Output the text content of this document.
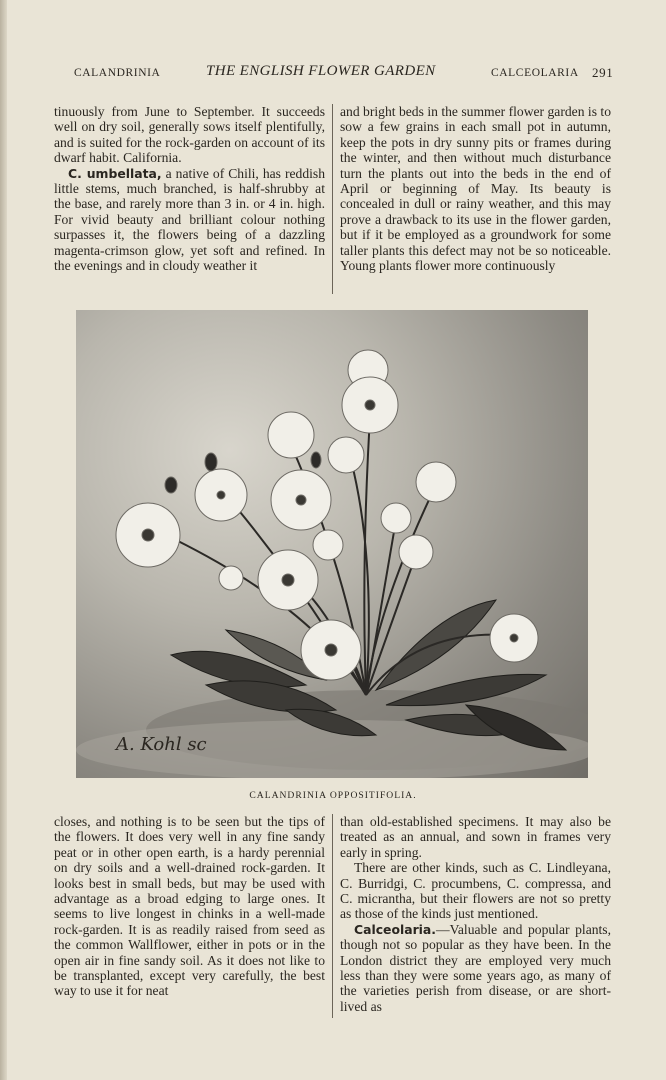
CALANDRINIA	THE ENGLISH FLOWER GARDEN	CALCEOLARIA 291

tinuously from June to September. It succeeds well on dry soil, generally sows itself plentifully, and is suited for the rock-garden on account of its dwarf habit. California.

C. umbellata, a native of Chili, has reddish little stems, much branched, is half-shrubby at the base, and rarely more than 3 in. or 4 in. high. For vivid beauty and brilliant colour nothing surpasses it, the flowers being of a dazzling magenta-crimson glow, yet soft and refined. In the evenings and in cloudy weather it

and bright beds in the summer flower garden is to sow a few grains in each small pot in autumn, keep the pots in dry sunny pits or frames during the winter, and then without much disturbance turn the plants out into the beds in the end of April or beginning of May. Its beauty is concealed in dull or rainy weather, and this may prove a drawback to its use in the flower garden, but if it be employed as a groundwork for some taller plants this defect may not be so noticeable. Young plants flower more continuously

A. Kohl sc
CALANDRINIA OPPOSITIFOLIA.

closes, and nothing is to be seen but the tips of the flowers. It does very well in any fine sandy peat or in other open earth, is a hardy perennial on dry soils and a well-drained rock-garden. It looks best in small beds, but may be used with advantage as a broad edging to large ones. It seems to live longest in chinks in a well-made rock-garden. It is as readily raised from seed as the common Wallflower, either in pots or in the open air in fine sandy soil. As it does not like to be transplanted, except very carefully, the best way to use it for neat

than old-established specimens. It may also be treated as an annual, and sown in frames very early in spring.

There are other kinds, such as C. Lindleyana, C. Burridgi, C. procumbens, C. compressa, and C. micrantha, but their flowers are not so pretty as those of the kinds just mentioned.

Calceolaria.—Valuable and popular plants, though not so popular as they have been. In the London district they are employed very much less than they were some years ago, as many of the varieties perish from disease, or are short-lived as
